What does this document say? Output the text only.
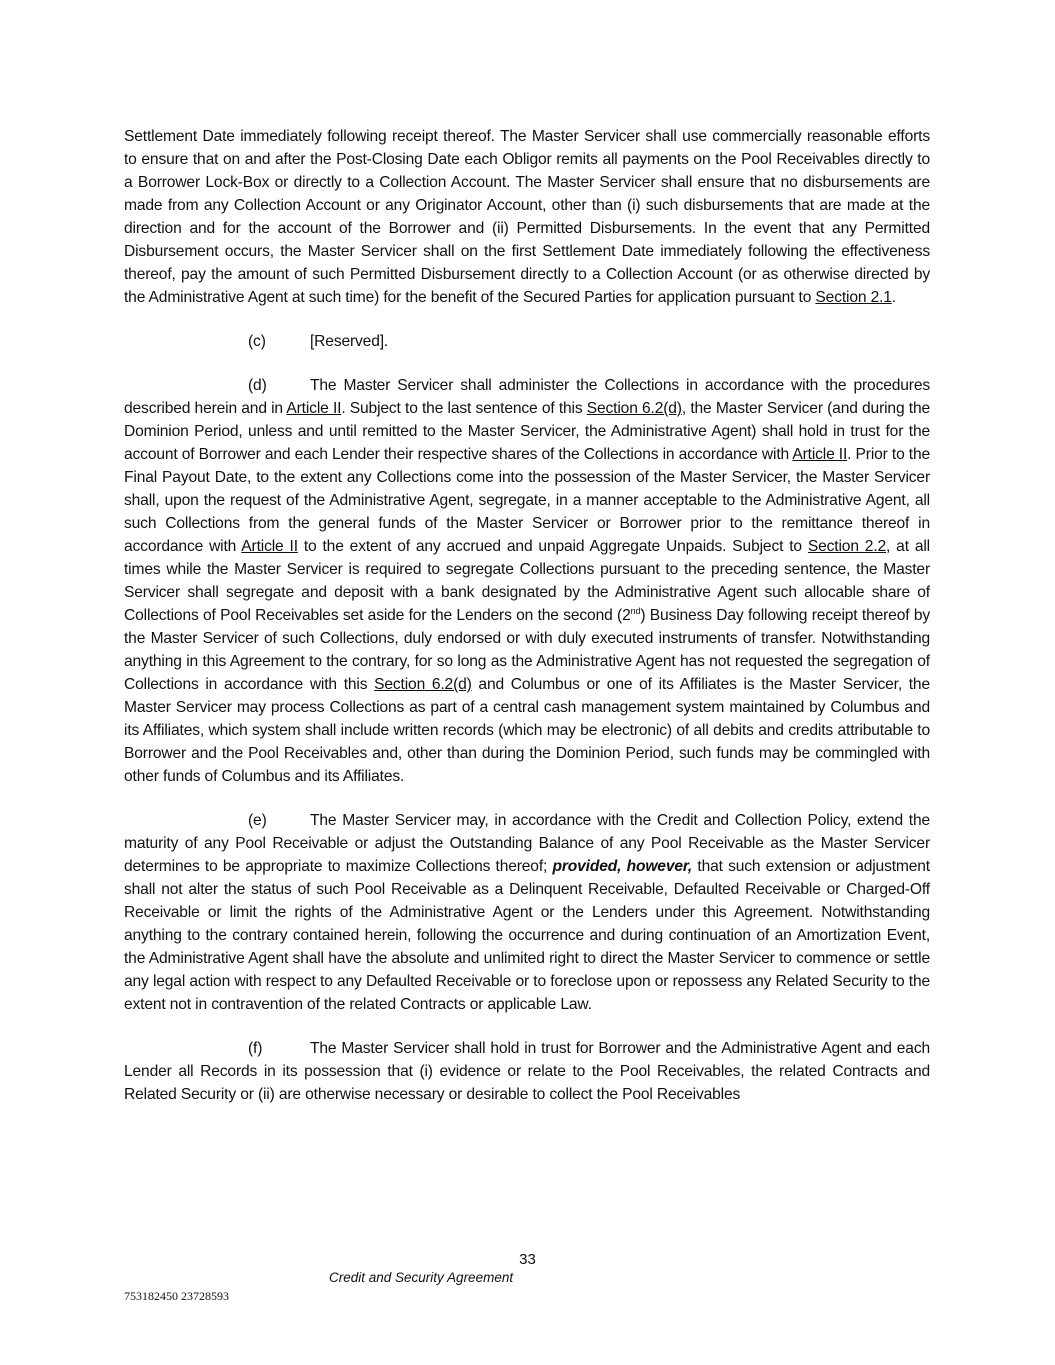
Settlement Date immediately following receipt thereof. The Master Servicer shall use commercially reasonable efforts to ensure that on and after the Post-Closing Date each Obligor remits all payments on the Pool Receivables directly to a Borrower Lock-Box or directly to a Collection Account. The Master Servicer shall ensure that no disbursements are made from any Collection Account or any Originator Account, other than (i) such disbursements that are made at the direction and for the account of the Borrower and (ii) Permitted Disbursements. In the event that any Permitted Disbursement occurs, the Master Servicer shall on the first Settlement Date immediately following the effectiveness thereof, pay the amount of such Permitted Disbursement directly to a Collection Account (or as otherwise directed by the Administrative Agent at such time) for the benefit of the Secured Parties for application pursuant to Section 2.1.

(c)	[Reserved].

(d)	The Master Servicer shall administer the Collections in accordance with the procedures described herein and in Article II. Subject to the last sentence of this Section 6.2(d), the Master Servicer (and during the Dominion Period, unless and until remitted to the Master Servicer, the Administrative Agent) shall hold in trust for the account of Borrower and each Lender their respective shares of the Collections in accordance with Article II. Prior to the Final Payout Date, to the extent any Collections come into the possession of the Master Servicer, the Master Servicer shall, upon the request of the Administrative Agent, segregate, in a manner acceptable to the Administrative Agent, all such Collections from the general funds of the Master Servicer or Borrower prior to the remittance thereof in accordance with Article II to the extent of any accrued and unpaid Aggregate Unpaids. Subject to Section 2.2, at all times while the Master Servicer is required to segregate Collections pursuant to the preceding sentence, the Master Servicer shall segregate and deposit with a bank designated by the Administrative Agent such allocable share of Collections of Pool Receivables set aside for the Lenders on the second (2nd) Business Day following receipt thereof by the Master Servicer of such Collections, duly endorsed or with duly executed instruments of transfer. Notwithstanding anything in this Agreement to the contrary, for so long as the Administrative Agent has not requested the segregation of Collections in accordance with this Section 6.2(d) and Columbus or one of its Affiliates is the Master Servicer, the Master Servicer may process Collections as part of a central cash management system maintained by Columbus and its Affiliates, which system shall include written records (which may be electronic) of all debits and credits attributable to Borrower and the Pool Receivables and, other than during the Dominion Period, such funds may be commingled with other funds of Columbus and its Affiliates.

(e)	The Master Servicer may, in accordance with the Credit and Collection Policy, extend the maturity of any Pool Receivable or adjust the Outstanding Balance of any Pool Receivable as the Master Servicer determines to be appropriate to maximize Collections thereof; provided, however, that such extension or adjustment shall not alter the status of such Pool Receivable as a Delinquent Receivable, Defaulted Receivable or Charged-Off Receivable or limit the rights of the Administrative Agent or the Lenders under this Agreement. Notwithstanding anything to the contrary contained herein, following the occurrence and during continuation of an Amortization Event, the Administrative Agent shall have the absolute and unlimited right to direct the Master Servicer to commence or settle any legal action with respect to any Defaulted Receivable or to foreclose upon or repossess any Related Security to the extent not in contravention of the related Contracts or applicable Law.

(f)	The Master Servicer shall hold in trust for Borrower and the Administrative Agent and each Lender all Records in its possession that (i) evidence or relate to the Pool Receivables, the related Contracts and Related Security or (ii) are otherwise necessary or desirable to collect the Pool Receivables

33
Credit and Security Agreement
753182450 23728593
